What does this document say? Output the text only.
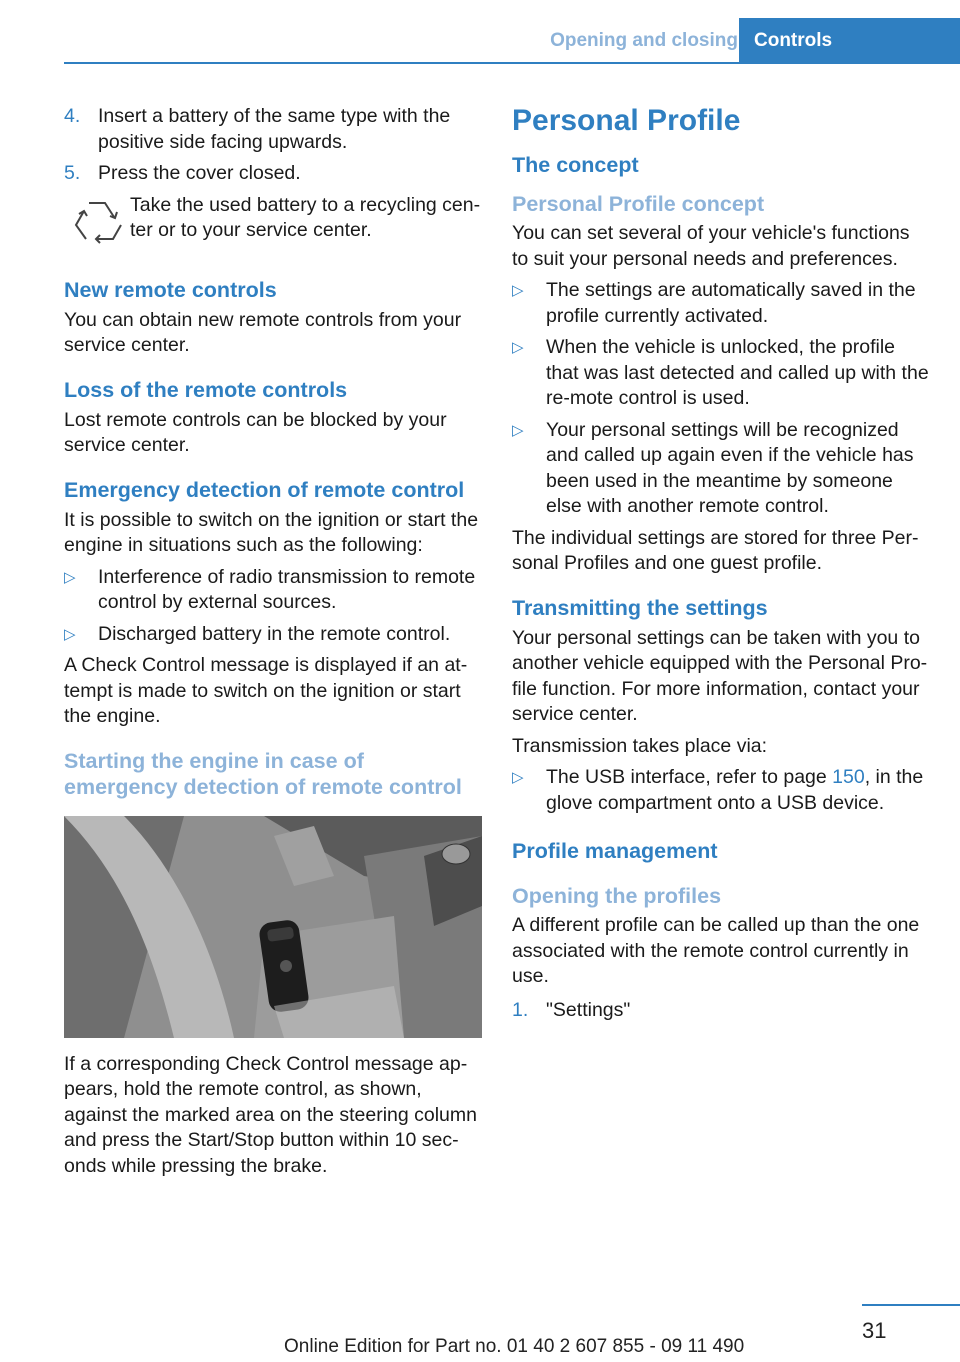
Opening and closing Controls
4. Insert a battery of the same type with the positive side facing upwards.
5. Press the cover closed.
Take the used battery to a recycling cen-ter or to your service center.
New remote controls

You can obtain new remote controls from your service center.

Loss of the remote controls

Lost remote controls can be blocked by your service center.

Emergency detection of remote control

It is possible to switch on the ignition or start the engine in situations such as the following:

▷	Interference of radio transmission to remote control by external sources.
▷	Discharged battery in the remote control.

A Check Control message is displayed if an at-tempt is made to switch on the ignition or start the engine.

Starting the engine in case of emergency detection of remote control

If a corresponding Check Control message ap-pears, hold the remote control, as shown, against the marked area on the steering column and press the Start/Stop button within 10 sec-onds while pressing the brake.

Personal Profile
The concept
Personal Profile concept

You can set several of your vehicle's functions to suit your personal needs and preferences.

▷	The settings are automatically saved in the profile currently activated.
▷	When the vehicle is unlocked, the profile that was last detected and called up with the re-mote control is used.
▷	Your personal settings will be recognized and called up again even if the vehicle has been used in the meantime by someone else with another remote control.

The individual settings are stored for three Per-sonal Profiles and one guest profile.

Transmitting the settings

Your personal settings can be taken with you to another vehicle equipped with the Personal Pro-file function. For more information, contact your service center.

Transmission takes place via:

▷	The USB interface, refer to page 150, in the glove compartment onto a USB device.
Profile management
Opening the profiles

A different profile can be called up than the one associated with the remote control currently in use.

1. "Settings"
31
Online Edition for Part no. 01 40 2 607 855 - 09 11 490
